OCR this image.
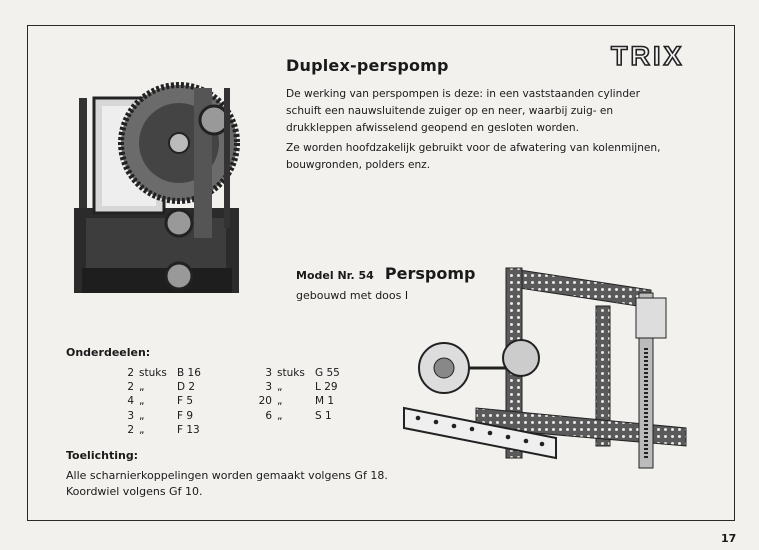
TRIX
Duplex-perspomp
De werking van perspompen is deze: in een vaststaanden cylinder schuift een nauwsluitende zuiger op en neer, waarbij zuig- en drukkleppen afwisselend geopend en gesloten worden.
Ze worden hoofdzakelijk gebruikt voor de afwatering van kolenmijnen, bouwgronden, polders enz.
Model Nr. 54 Perspomp
gebouwd met doos I
Onderdeelen:
2 stuks B 16
2 „	D 2
4 „	F 5
3 „	F 9
2 „	F 13
3 stuks G 55
3 „	L 29
20 „	M 1
6 „	S 1
Toelichting:
Alle scharnierkoppelingen worden gemaakt volgens Gf 18.
Koordwiel volgens Gf 10.
17
